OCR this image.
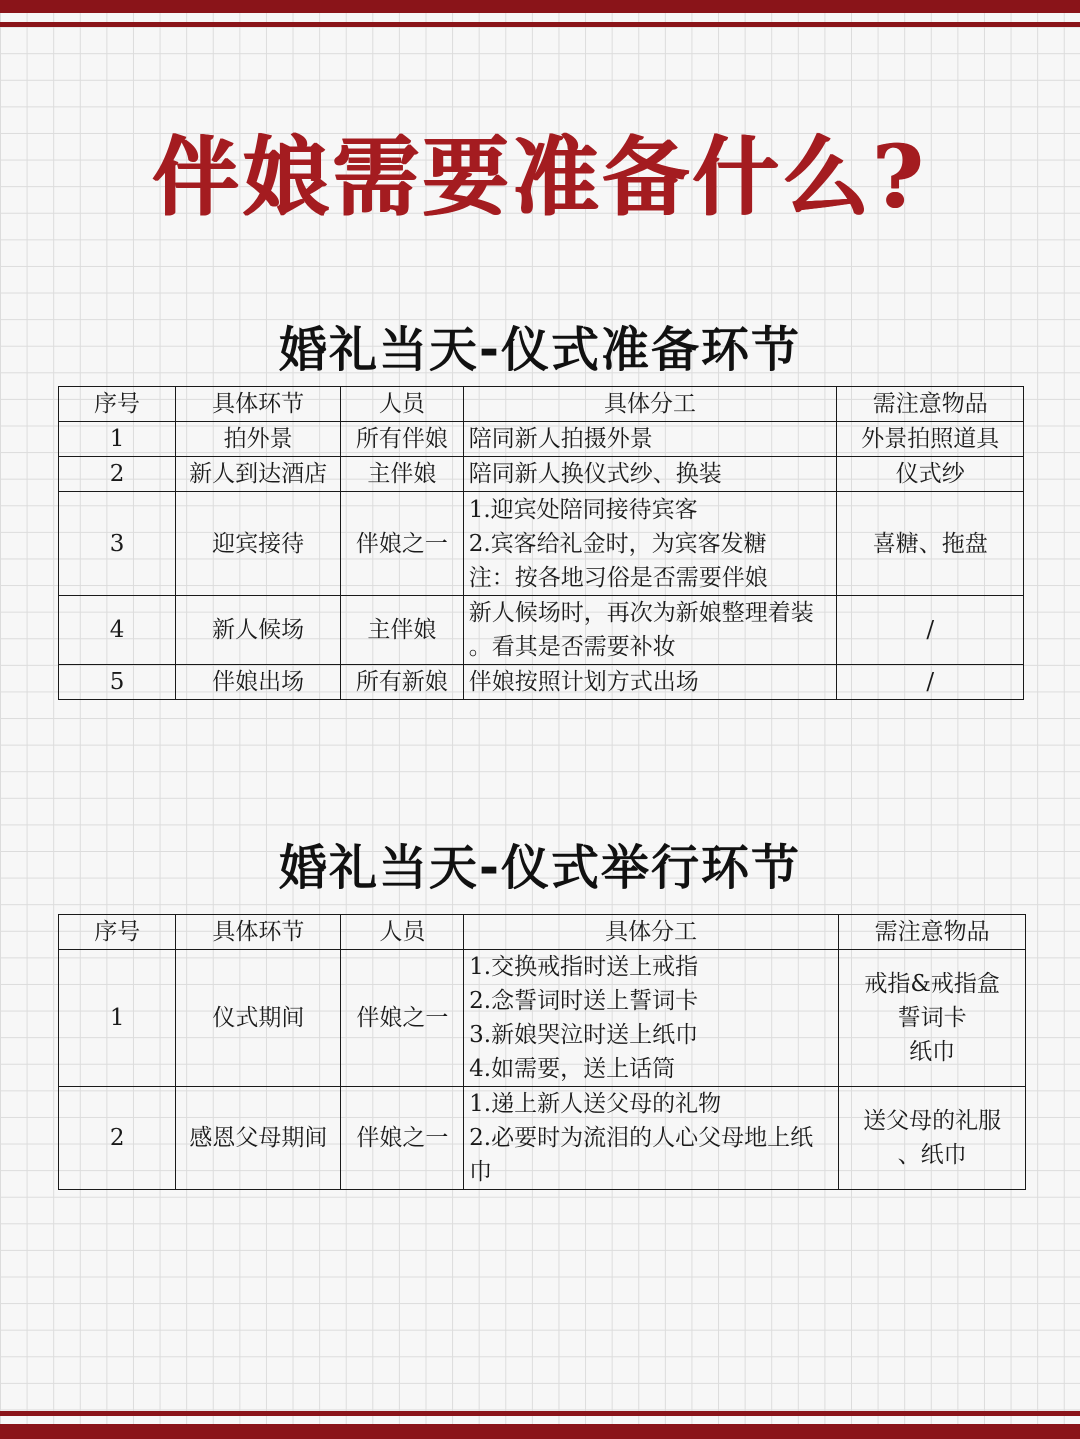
伴娘需要准备什么?
婚礼当天-仪式准备环节
序号	具体环节	人员	具体分工	需注意物品
1	拍外景	所有伴娘	陪同新人拍摄外景	外景拍照道具

2	新人到达酒店	主伴娘	陪同新人换仪式纱、换装	仪式纱

3	迎宾接待	伴娘之一	1.迎宾处陪同接待宾客
2.宾客给礼金时，为宾客发糖
注：按各地习俗是否需要伴娘	喜糖、拖盘

4	新人候场	主伴娘	新人候场时，再次为新娘整理着装
。看其是否需要补妆	/

5	伴娘出场	所有新娘	伴娘按照计划方式出场	/
婚礼当天-仪式举行环节
序号	具体环节	人员	具体分工	需注意物品
1	仪式期间	伴娘之一	1.交换戒指时送上戒指
2.念誓词时送上誓词卡
3.新娘哭泣时送上纸巾
4.如需要，送上话筒	戒指&戒指盒
誓词卡
纸巾

2	感恩父母期间	伴娘之一	1.递上新人送父母的礼物
2.必要时为流泪的人心父母地上纸
巾	送父母的礼服
、纸巾
